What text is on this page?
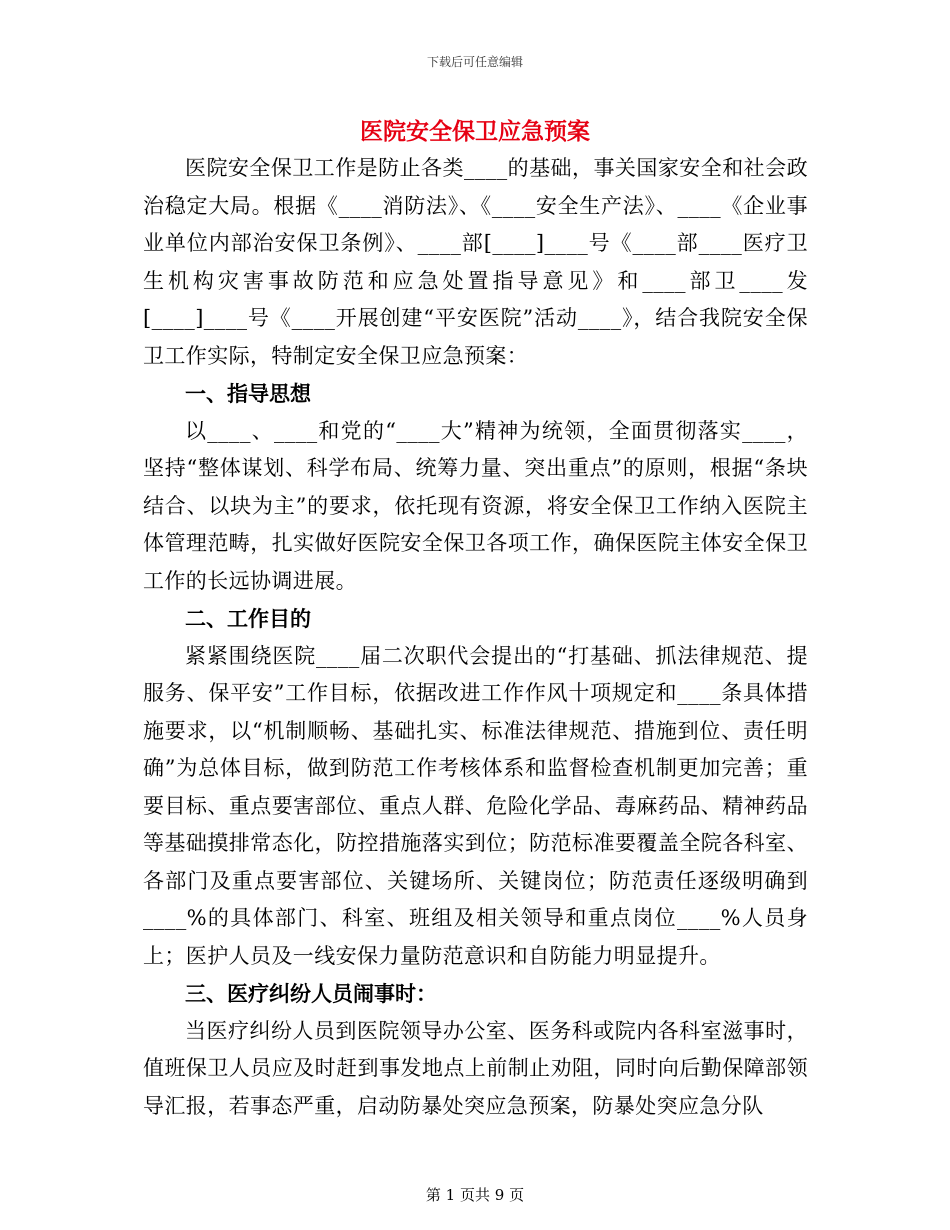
下载后可任意编辑
医院安全保卫应急预案

医院安全保卫工作是防止各类____的基础，事关国家安全和社会政治稳定大局。根据《____消防法》、《____安全生产法》、____《企业事业单位内部治安保卫条例》、____部[____]____号《____部____医疗卫生机构灾害事故防范和应急处置指导意见》和____部卫____发[____]____号《____开展创建“平安医院”活动____》，结合我院安全保卫工作实际，特制定安全保卫应急预案：

一、指导思想

以____、____和党的“____大”精神为统领，全面贯彻落实____，坚持“整体谋划、科学布局、统筹力量、突出重点”的原则，根据“条块结合、以块为主”的要求，依托现有资源，将安全保卫工作纳入医院主体管理范畴，扎实做好医院安全保卫各项工作，确保医院主体安全保卫工作的长远协调进展。

二、工作目的

紧紧围绕医院____届二次职代会提出的“打基础、抓法律规范、提服务、保平安”工作目标，依据改进工作作风十项规定和____条具体措施要求，以“机制顺畅、基础扎实、标准法律规范、措施到位、责任明确”为总体目标，做到防范工作考核体系和监督检查机制更加完善；重要目标、重点要害部位、重点人群、危险化学品、毒麻药品、精神药品等基础摸排常态化，防控措施落实到位；防范标准要覆盖全院各科室、各部门及重点要害部位、关键场所、关键岗位；防范责任逐级明确到____%的具体部门、科室、班组及相关领导和重点岗位____%人员身上；医护人员及一线安保力量防范意识和自防能力明显提升。

三、医疗纠纷人员闹事时：

当医疗纠纷人员到医院领导办公室、医务科或院内各科室滋事时，值班保卫人员应及时赶到事发地点上前制止劝阻，同时向后勤保障部领导汇报，若事态严重，启动防暴处突应急预案，防暴处突应急分队

第 1 页共 9 页
